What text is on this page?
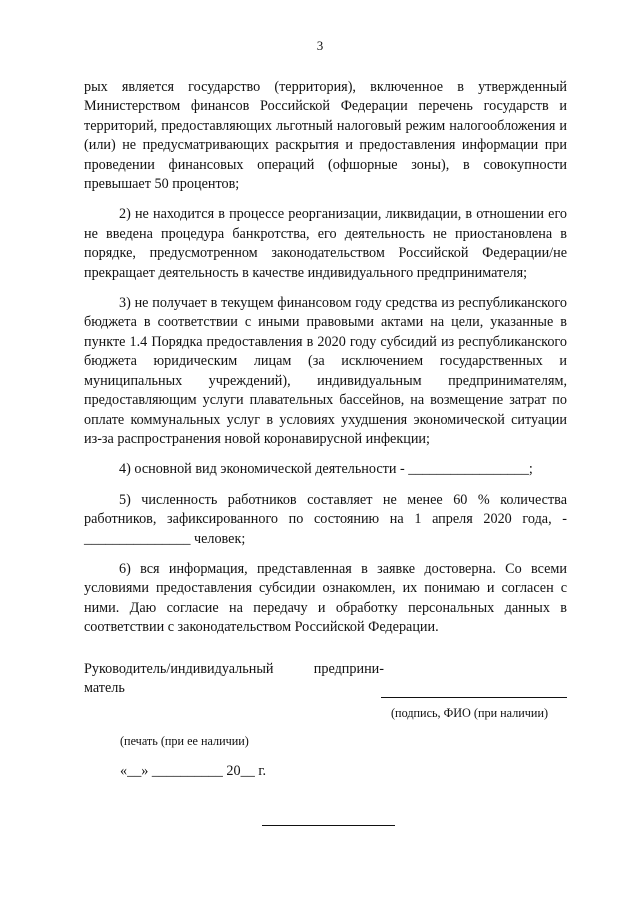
3

рых является государство (территория), включенное в утвержденный Министерством финансов Российской Федерации перечень государств и территорий, предоставляющих льготный налоговый режим налогообложения и (или) не предусматривающих раскрытия и предоставления информации при проведении финансовых операций (офшорные зоны), в совокупности превышает 50 процентов;

2) не находится в процессе реорганизации, ликвидации, в отношении его не введена процедура банкротства, его деятельность не приостановлена в порядке, предусмотренном законодательством Российской Федерации/не прекращает деятельность в качестве индивидуального предпринимателя;

3) не получает в текущем финансовом году средства из республиканского бюджета в соответствии с иными правовыми актами на цели, указанные в пункте 1.4 Порядка предоставления в 2020 году субсидий из республиканского бюджета юридическим лицам (за исключением государственных и муниципальных учреждений), индивидуальным предпринимателям, предоставляющим услуги плавательных бассейнов, на возмещение затрат по оплате коммунальных услуг в условиях ухудшения экономической ситуации из-за распространения новой коронавирусной инфекции;

4) основной вид экономической деятельности - _________________;

5) численность работников составляет не менее 60 % количества работников, зафиксированного по состоянию на 1 апреля 2020 года, - _______________ человек;

6) вся информация, представленная в заявке достоверна. Со всеми условиями предоставления субсидии ознакомлен, их понимаю и согласен с ними. Даю согласие на передачу и обработку персональных данных в соответствии с законодательством Российской Федерации.

Руководитель/индивидуальный	предприни-
матель
(подпись, ФИО (при наличии)
(печать (при ее наличии)
«__» __________ 20__ г.
